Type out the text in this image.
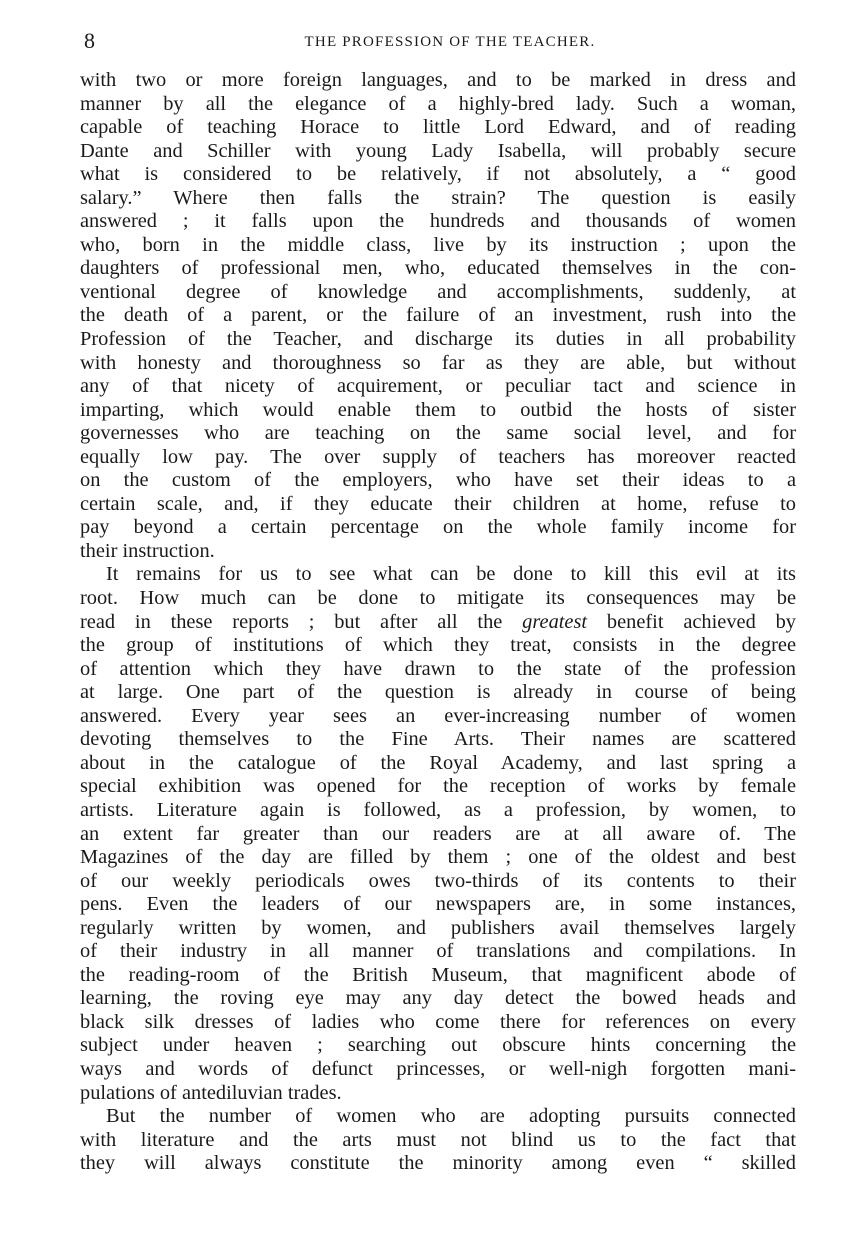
8	THE PROFESSION OF THE TEACHER.
with two or more foreign languages, and to be marked in dress and
manner by all the elegance of a highly-bred lady. Such a woman,
capable of teaching Horace to little Lord Edward, and of reading
Dante and Schiller with young Lady Isabella, will probably secure
what is considered to be relatively, if not absolutely, a “ good
salary.” Where then falls the strain? The question is easily
answered ; it falls upon the hundreds and thousands of women
who, born in the middle class, live by its instruction ; upon the
daughters of professional men, who, educated themselves in the con-
ventional degree of knowledge and accomplishments, suddenly, at
the death of a parent, or the failure of an investment, rush into the
Profession of the Teacher, and discharge its duties in all probability
with honesty and thoroughness so far as they are able, but without
any of that nicety of acquirement, or peculiar tact and science in
imparting, which would enable them to outbid the hosts of sister
governesses who are teaching on the same social level, and for
equally low pay. The over supply of teachers has moreover reacted
on the custom of the employers, who have set their ideas to a
certain scale, and, if they educate their children at home, refuse to
pay beyond a certain percentage on the whole family income for
their instruction.
It remains for us to see what can be done to kill this evil at its
root. How much can be done to mitigate its consequences may be
read in these reports ; but after all the greatest benefit achieved by
the group of institutions of which they treat, consists in the degree
of attention which they have drawn to the state of the profession
at large. One part of the question is already in course of being
answered. Every year sees an ever-increasing number of women
devoting themselves to the Fine Arts. Their names are scattered
about in the catalogue of the Royal Academy, and last spring a
special exhibition was opened for the reception of works by female
artists. Literature again is followed, as a profession, by women, to
an extent far greater than our readers are at all aware of. The
Magazines of the day are filled by them ; one of the oldest and best
of our weekly periodicals owes two-thirds of its contents to their
pens. Even the leaders of our newspapers are, in some instances,
regularly written by women, and publishers avail themselves largely
of their industry in all manner of translations and compilations. In
the reading-room of the British Museum, that magnificent abode of
learning, the roving eye may any day detect the bowed heads and
black silk dresses of ladies who come there for references on every
subject under heaven ; searching out obscure hints concerning the
ways and words of defunct princesses, or well-nigh forgotten mani-
pulations of antediluvian trades.
But the number of women who are adopting pursuits connected
with literature and the arts must not blind us to the fact that
they will always constitute the minority among even “ skilled
